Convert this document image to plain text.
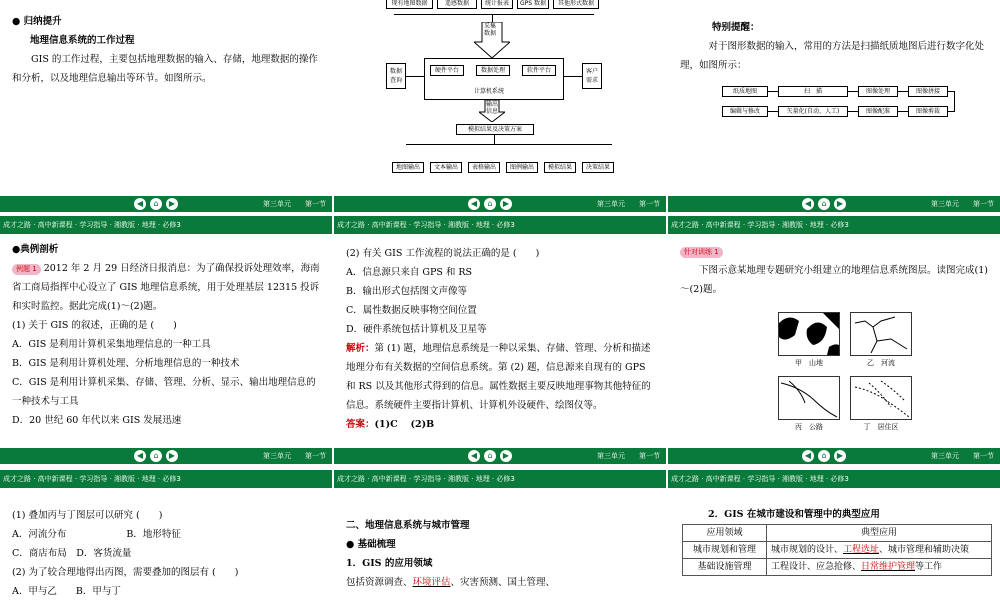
● 归纳提升
地理信息系统的工作过程
GIS 的工作过程，主要包括地理数据的输入、存储，地理数据的操作和分析，以及地理信息输出等环节。如图所示。
◀	⌂	▶	第三单元　　第一节
现有地图数据	遥感数据	统计报表	GPS 数据	其他形式数据
采集
数据
硬件平台	数据处理	软件平台
计算机系统
数据
查询
客户
需求
输出
信息
模拟结果及决策方案
地图输出	文本输出	表格输出	图例输出	模拟结果	决策结果
◀	⌂	▶	第三单元　　第一节
特别提醒：
对于图形数据的输入，常用的方法是扫描纸质地图后进行数字化处理，如图所示：
纸质地图	扫　描	图像处理	图像拼接
编辑与修改	矢量化(自动、人工)	图像配准	图像剪裁
◀	⌂	▶	第三单元　　第一节
成才之路 · 高中新课程 · 学习指导 · 湘教版 · 地理 · 必修3
●典例剖析
例题 1 2012 年 2 月 29 日经济日报消息：为了确保投诉处理效率，海南省工商局指挥中心设立了 GIS 地理信息系统，用于处理基层 12315 投诉和实时监控。据此完成(1)～(2)题。
(1) 关于 GIS 的叙述，正确的是 (　　)
A．GIS 是利用计算机采集地理信息的一种工具
B．GIS 是利用计算机处理、分析地理信息的一种技术
C．GIS 是利用计算机采集、存储、管理、分析、显示、输出地理信息的一种技术与工具
D．20 世纪 60 年代以来 GIS 发展迅速
◀	⌂	▶	第三单元　　第一节
成才之路 · 高中新课程 · 学习指导 · 湘教版 · 地理 · 必修3
(2) 有关 GIS 工作流程的说法正确的是 (　　)
A．信息源只来自 GPS 和 RS
B．输出形式包括图文声像等
C．属性数据反映事物空间位置
D．硬件系统包括计算机及卫星等
解析：第 (1) 题，地理信息系统是一种以采集、存储、管理、分析和描述地理分布有关数据的空间信息系统。第 (2) 题，信息源来自现有的 GPS 和 RS 以及其他形式得到的信息。属性数据主要反映地理事物其他特征的信息。系统硬件主要指计算机、计算机外设硬件、绘图仪等。
答案：(1)C　 (2)B
◀	⌂	▶	第三单元　　第一节
成才之路 · 高中新课程 · 学习指导 · 湘教版 · 地理 · 必修3
针对训练 1
下图示意某地理专题研究小组建立的地理信息系统图层。读图完成(1)～(2)题。
甲　山地	乙　河流
丙　公路	丁　居住区
◀	⌂	▶	第三单元　　第一节
成才之路 · 高中新课程 · 学习指导 · 湘教版 · 地理 · 必修3
(1) 叠加丙与丁图层可以研究 (　　)
A．河流分布	B．地形特征
C．商店布局　D．客货流量
(2) 为了较合理地得出丙图，需要叠加的图层有 (　　)
A．甲与乙　　B．甲与丁
成才之路 · 高中新课程 · 学习指导 · 湘教版 · 地理 · 必修3
二、地理信息系统与城市管理
● 基础梳理
1．GIS 的应用领域
包括资源调查、环境评估、灾害预测、国土管理、
成才之路 · 高中新课程 · 学习指导 · 湘教版 · 地理 · 必修3
2．GIS 在城市建设和管理中的典型应用
应用领域	典型应用
城市规划和管理	城市规划的设计、工程选址、城市管理和辅助决策
基础设施管理	工程设计、应急抢修、日常维护管理等工作
